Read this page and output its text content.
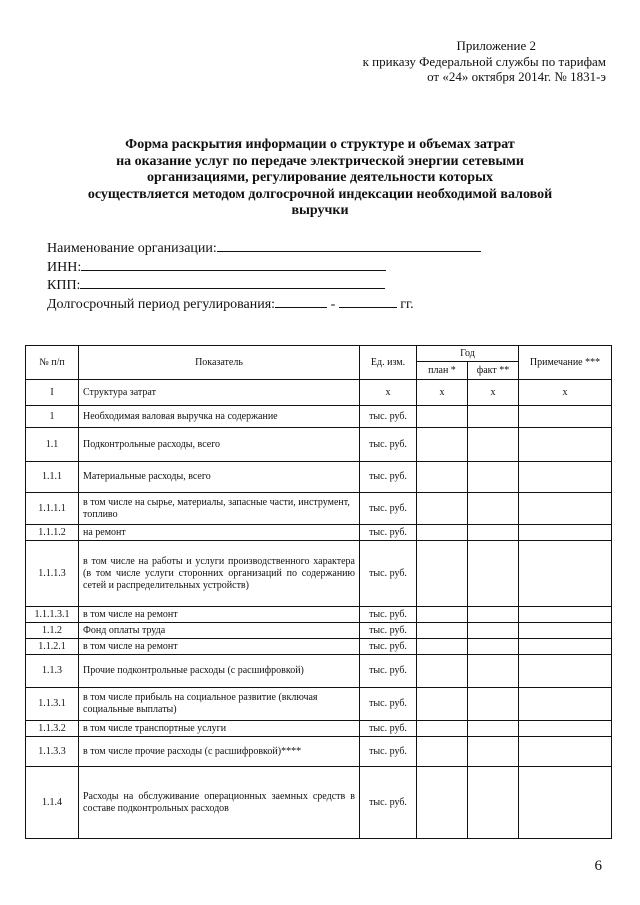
Приложение 2
к приказу Федеральной службы по тарифам
от «24» октября 2014г. № 1831-э
Форма раскрытия информации о структуре и объемах затрат
на оказание услуг по передаче электрической энергии сетевыми
организациями, регулирование деятельности которых
осуществляется методом долгосрочной индексации необходимой валовой
выручки
Наименование организации:
ИНН:
КПП:
Долгосрочный период регулирования:	-	гг.
№ п/п	Показатель	Ед. изм.	Год		Примечание ***
			план *	факт **	
I	Структура затрат	х	х	х	х
1	Необходимая валовая выручка на содержание	тыс. руб.			
1.1	Подконтрольные расходы, всего	тыс. руб.			
1.1.1	Материальные расходы, всего	тыс. руб.			
1.1.1.1	в том числе на сырье, материалы, запасные части, инструмент, топливо	тыс. руб.			
1.1.1.2	на ремонт	тыс. руб.			
1.1.1.3	в том числе на работы и услуги производственного характера (в том числе услуги сторонних организаций по содержанию сетей и распределительных устройств)	тыс. руб.			
1.1.1.3.1	в том числе на ремонт	тыс. руб.			
1.1.2	Фонд оплаты труда	тыс. руб.			
1.1.2.1	в том числе на ремонт	тыс. руб.			
1.1.3	Прочие подконтрольные расходы (с расшифровкой)	тыс. руб.			
1.1.3.1	в том числе прибыль на социальное развитие (включая социальные выплаты)	тыс. руб.			
1.1.3.2	в том числе транспортные услуги	тыс. руб.			
1.1.3.3	в том числе прочие расходы (с расшифровкой)****	тыс. руб.			
1.1.4	Расходы на обслуживание операционных заемных средств в составе подконтрольных расходов	тыс. руб.			
6
